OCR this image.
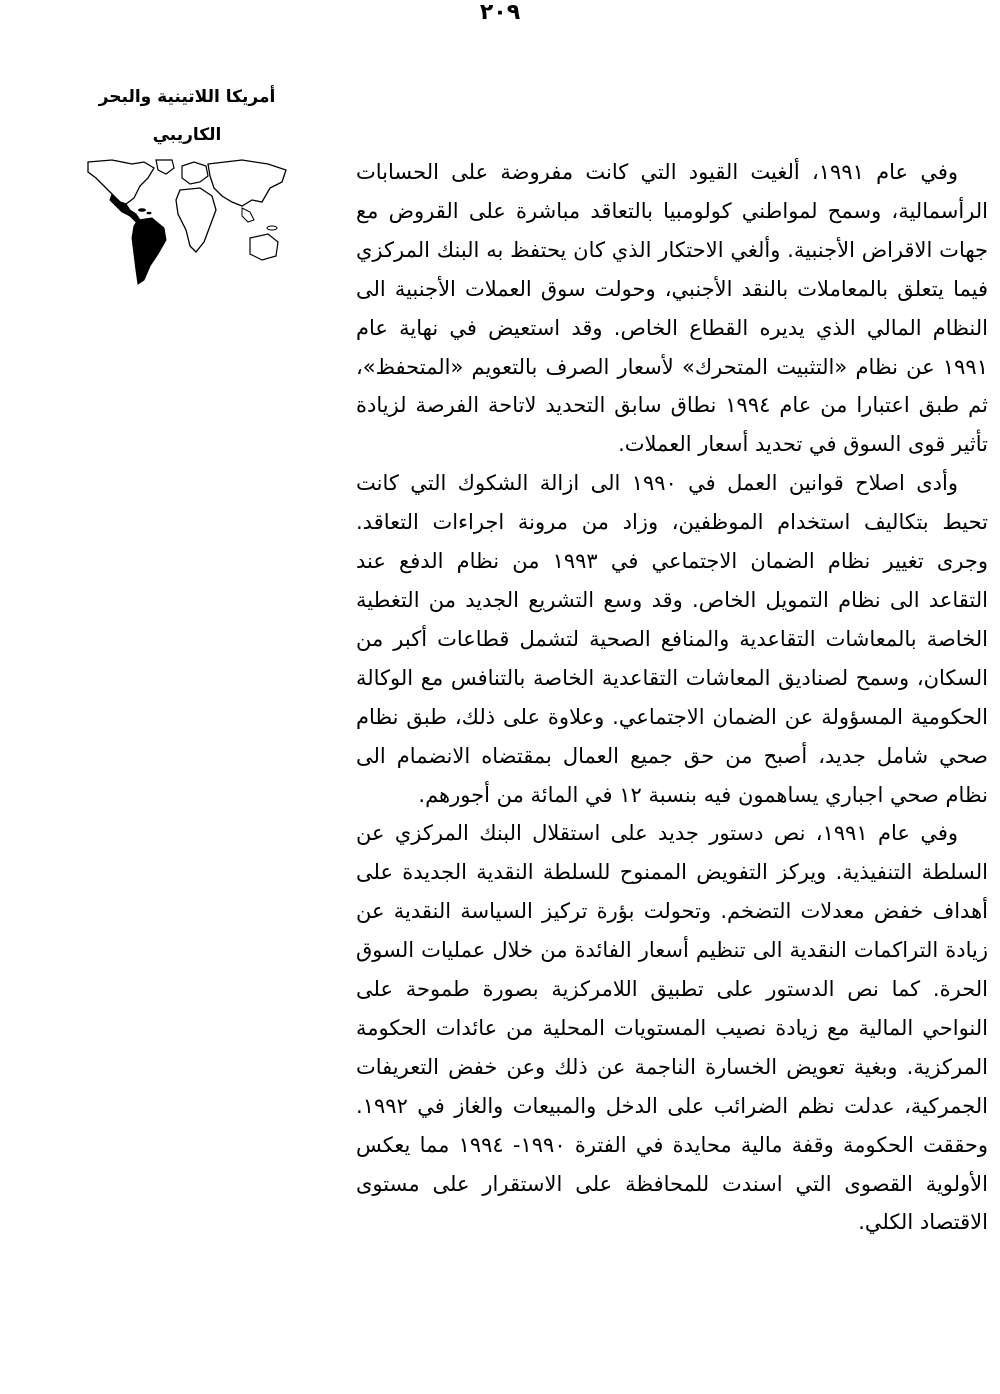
٢٠٩

أمريكا اللاتينية والبحر

الكاريبي

وفي عام ١٩٩١، ألغيت القيود التي كانت مفروضة على الحسابات الرأسمالية، وسمح لمواطني كولومبيا بالتعاقد مباشرة على القروض مع جهات الاقراض الأجنبية. وألغي الاحتكار الذي كان يحتفظ به البنك المركزي فيما يتعلق بالمعاملات بالنقد الأجنبي، وحولت سوق العملات الأجنبية الى النظام المالي الذي يديره القطاع الخاص. وقد استعيض في نهاية عام ١٩٩١ عن نظام «التثبيت المتحرك» لأسعار الصرف بالتعويم «المتحفظ»، ثم طبق اعتبارا من عام ١٩٩٤ نطاق سابق التحديد لاتاحة الفرصة لزيادة تأثير قوى السوق في تحديد أسعار العملات.

وأدى اصلاح قوانين العمل في ١٩٩٠ الى ازالة الشكوك التي كانت تحيط بتكاليف استخدام الموظفين، وزاد من مرونة اجراءات التعاقد. وجرى تغيير نظام الضمان الاجتماعي في ١٩٩٣ من نظام الدفع عند التقاعد الى نظام التمويل الخاص. وقد وسع التشريع الجديد من التغطية الخاصة بالمعاشات التقاعدية والمنافع الصحية لتشمل قطاعات أكبر من السكان، وسمح لصناديق المعاشات التقاعدية الخاصة بالتنافس مع الوكالة الحكومية المسؤولة عن الضمان الاجتماعي. وعلاوة على ذلك، طبق نظام صحي شامل جديد، أصبح من حق جميع العمال بمقتضاه الانضمام الى نظام صحي اجباري يساهمون فيه بنسبة ١٢ في المائة من أجورهم.

وفي عام ١٩٩١، نص دستور جديد على استقلال البنك المركزي عن السلطة التنفيذية. ويركز التفويض الممنوح للسلطة النقدية الجديدة على أهداف خفض معدلات التضخم. وتحولت بؤرة تركيز السياسة النقدية عن زيادة التراكمات النقدية الى تنظيم أسعار الفائدة من خلال عمليات السوق الحرة. كما نص الدستور على تطبيق اللامركزية بصورة طموحة على النواحي المالية مع زيادة نصيب المستويات المحلية من عائدات الحكومة المركزية. وبغية تعويض الخسارة الناجمة عن ذلك وعن خفض التعريفات الجمركية، عدلت نظم الضرائب على الدخل والمبيعات والغاز في ١٩٩٢. وحققت الحكومة وقفة مالية محايدة في الفترة ١٩٩٠- ١٩٩٤ مما يعكس الأولوية القصوى التي اسندت للمحافظة على الاستقرار على مستوى الاقتصاد الكلي.
